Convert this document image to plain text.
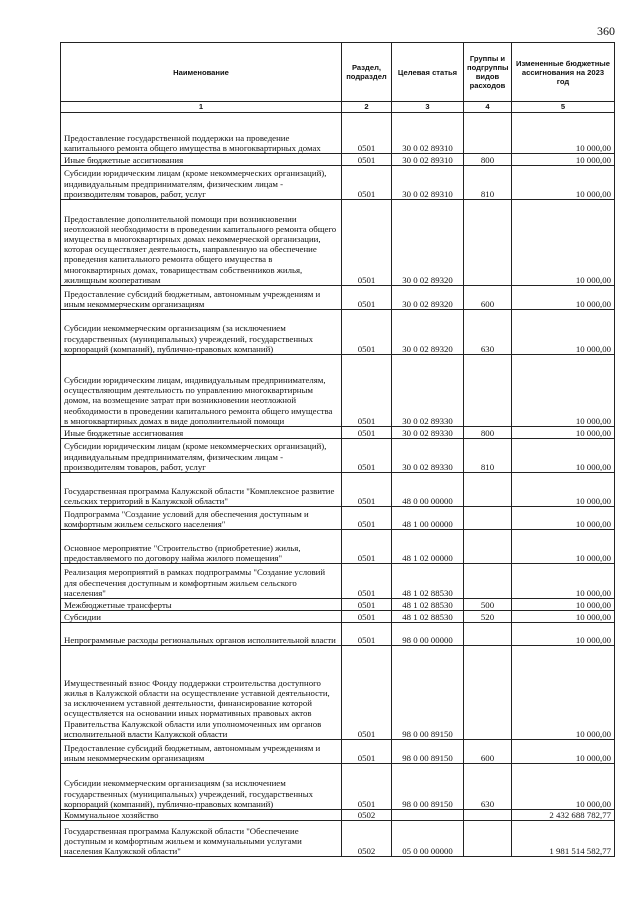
360
Наименование	Раздел, подраздел	Целевая статья	Группы и подгруппы видов расходов	Измененные бюджетные ассигнования на 2023 год
1	2	3	4	5
Предоставление государственной поддержки на проведение капитального ремонта общего имущества в многоквартирных домах	0501	30 0 02 89310		10 000,00
Иные бюджетные ассигнования	0501	30 0 02 89310	800	10 000,00
Субсидии юридическим лицам (кроме некоммерческих организаций), индивидуальным предпринимателям, физическим лицам - производителям товаров, работ, услуг	0501	30 0 02 89310	810	10 000,00
Предоставление дополнительной помощи при возникновении неотложной необходимости в проведении капитального ремонта общего имущества в многоквартирных домах некоммерческой организации, которая осуществляет деятельность, направленную на обеспечение проведения капитального ремонта общего имущества в многоквартирных домах, товариществам собственников жилья, жилищным кооперативам	0501	30 0 02 89320		10 000,00
Предоставление субсидий бюджетным, автономным учреждениям и иным некоммерческим организациям	0501	30 0 02 89320	600	10 000,00
Субсидии некоммерческим организациям (за исключением государственных (муниципальных) учреждений, государственных корпораций (компаний), публично-правовых компаний)	0501	30 0 02 89320	630	10 000,00
Субсидии юридическим лицам, индивидуальным предпринимателям, осуществляющим деятельность по управлению многоквартирным домом, на возмещение затрат при возникновении неотложной необходимости в проведении капитального ремонта общего имущества в многоквартирных домах в виде дополнительной помощи	0501	30 0 02 89330		10 000,00
Иные бюджетные ассигнования	0501	30 0 02 89330	800	10 000,00
Субсидии юридическим лицам (кроме некоммерческих организаций), индивидуальным предпринимателям, физическим лицам - производителям товаров, работ, услуг	0501	30 0 02 89330	810	10 000,00
Государственная программа Калужской области "Комплексное развитие сельских территорий в Калужской области"	0501	48 0 00 00000		10 000,00
Подпрограмма "Создание условий для обеспечения доступным и комфортным жильем сельского населения"	0501	48 1 00 00000		10 000,00
Основное мероприятие "Строительство (приобретение) жилья, предоставляемого по договору найма жилого помещения"	0501	48 1 02 00000		10 000,00
Реализация мероприятий в рамках подпрограммы "Создание условий для обеспечения доступным и комфортным жильем сельского населения"	0501	48 1 02 88530		10 000,00
Межбюджетные трансферты	0501	48 1 02 88530	500	10 000,00
Субсидии	0501	48 1 02 88530	520	10 000,00
Непрограммные расходы региональных органов исполнительной власти	0501	98 0 00 00000		10 000,00
Имущественный взнос Фонду поддержки строительства доступного жилья в Калужской области на осуществление уставной деятельности, за исключением уставной деятельности, финансирование которой осуществляется на основании иных нормативных правовых актов Правительства Калужской области или уполномоченных им органов исполнительной власти Калужской области	0501	98 0 00 89150		10 000,00
Предоставление субсидий бюджетным, автономным учреждениям и иным некоммерческим организациям	0501	98 0 00 89150	600	10 000,00
Субсидии некоммерческим организациям (за исключением государственных (муниципальных) учреждений, государственных корпораций (компаний), публично-правовых компаний)	0501	98 0 00 89150	630	10 000,00
Коммунальное хозяйство	0502			2 432 688 782,77
Государственная программа Калужской области "Обеспечение доступным и комфортным жильем и коммунальными услугами населения Калужской области"	0502	05 0 00 00000		1 981 514 582,77
